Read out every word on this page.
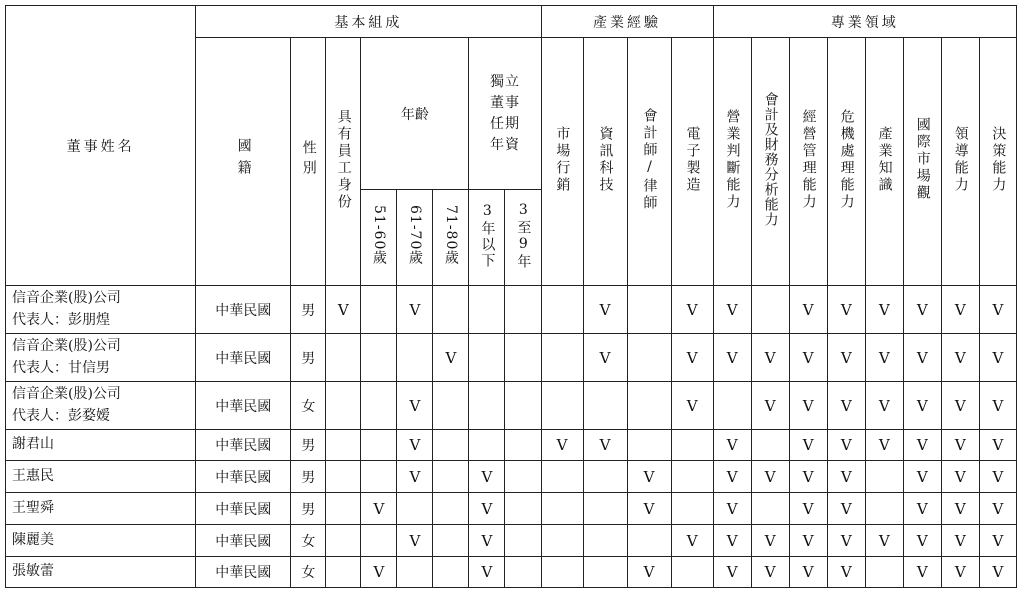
董事姓名	基本組成								產業經驗				專業領域							
	國籍	性別	具有員工身份	年齡			獨立董事任期年資		市場行銷	資訊科技	會計師/律師	電子製造	營業判斷能力	會計及財務分析能力	經營管理能力	危機處理能力	產業知識	國際市場觀	領導能力	決策能力
				51-60歲	61-70歲	71-80歲	3年以下	3至9年												

信音企業(股)公司
代表人：彭朋煌	中華民國	男	V		V					V		V	V		V	V	V	V	V	V

信音企業(股)公司
代表人：甘信男	中華民國	男				V				V		V	V	V	V	V	V	V	V	V

信音企業(股)公司
代表人：彭婺嫒	中華民國	女			V							V		V	V	V	V	V	V	V

謝君山	中華民國	男			V				V	V			V		V	V	V	V	V	V

王惠民	中華民國	男			V		V				V		V	V	V	V		V	V	V

王聖舜	中華民國	男		V			V				V		V		V	V		V	V	V

陳麗美	中華民國	女			V		V					V	V	V	V	V	V	V	V	V

張敏蕾	中華民國	女		V			V				V		V	V	V	V		V	V	V
